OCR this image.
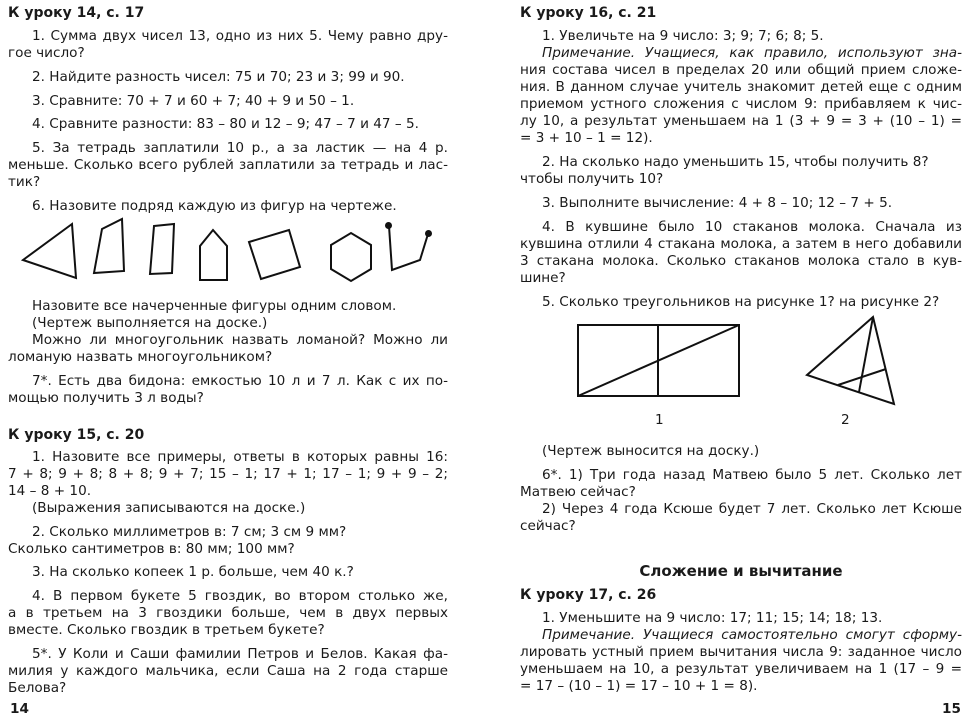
К уроку 14, с. 17
1. Сумма двух чисел 13, одно из них 5. Чему равно дру-
гое число?
2. Найдите разность чисел: 75 и 70; 23 и 3; 99 и 90.
3. Сравните: 70 + 7 и 60 + 7; 40 + 9 и 50 – 1.
4. Сравните разности: 83 – 80 и 12 – 9; 47 – 7 и 47 – 5.
5. За тетрадь заплатили 10 р., а за ластик — на 4 р.
меньше. Сколько всего рублей заплатили за тетрадь и лас-
тик?
6. Назовите подряд каждую из фигур на чертеже.
Назовите все начерченные фигуры одним словом.
(Чертеж выполняется на доске.)
Можно ли многоугольник назвать ломаной? Можно ли
ломаную назвать многоугольником?
7*. Есть два бидона: емкостью 10 л и 7 л. Как с их по-
мощью получить 3 л воды?
К уроку 15, с. 20
1. Назовите все примеры, ответы в которых равны 16:
7 + 8; 9 + 8; 8 + 8; 9 + 7; 15 – 1; 17 + 1; 17 – 1; 9 + 9 – 2;
14 – 8 + 10.
(Выражения записываются на доске.)
2. Сколько миллиметров в: 7 см; 3 см 9 мм?
Сколько сантиметров в: 80 мм; 100 мм?
3. На сколько копеек 1 р. больше, чем 40 к.?
4. В первом букете 5 гвоздик, во втором столько же,
а в третьем на 3 гвоздики больше, чем в двух первых
вместе. Сколько гвоздик в третьем букете?
5*. У Коли и Саши фамилии Петров и Белов. Какая фа-
милия у каждого мальчика, если Саша на 2 года старше
Белова?
14
К уроку 16, с. 21
1. Увеличьте на 9 число: 3; 9; 7; 6; 8; 5.
Примечание. Учащиеся, как правило, используют зна-
ния состава чисел в пределах 20 или общий прием сложе-
ния. В данном случае учитель знакомит детей еще с одним
приемом устного сложения с числом 9: прибавляем к чис-
лу 10, а результат уменьшаем на 1 (3 + 9 = 3 + (10 – 1) =
= 3 + 10 – 1 = 12).
2. На сколько надо уменьшить 15, чтобы получить 8?
чтобы получить 10?
3. Выполните вычисление: 4 + 8 – 10; 12 – 7 + 5.
4. В кувшине было 10 стаканов молока. Сначала из
кувшина отлили 4 стакана молока, а затем в него добавили
3 стакана молока. Сколько стаканов молока стало в кув-
шине?
5. Сколько треугольников на рисунке 1? на рисунке 2?
1	2
(Чертеж выносится на доску.)
6*. 1) Три года назад Матвею было 5 лет. Сколько лет
Матвею сейчас?
2) Через 4 года Ксюше будет 7 лет. Сколько лет Ксюше
сейчас?
Сложение и вычитание
К уроку 17, с. 26
1. Уменьшите на 9 число: 17; 11; 15; 14; 18; 13.
Примечание. Учащиеся самостоятельно смогут сформу-
лировать устный прием вычитания числа 9: заданное число
уменьшаем на 10, а результат увеличиваем на 1 (17 – 9 =
= 17 – (10 – 1) = 17 – 10 + 1 = 8).
15
